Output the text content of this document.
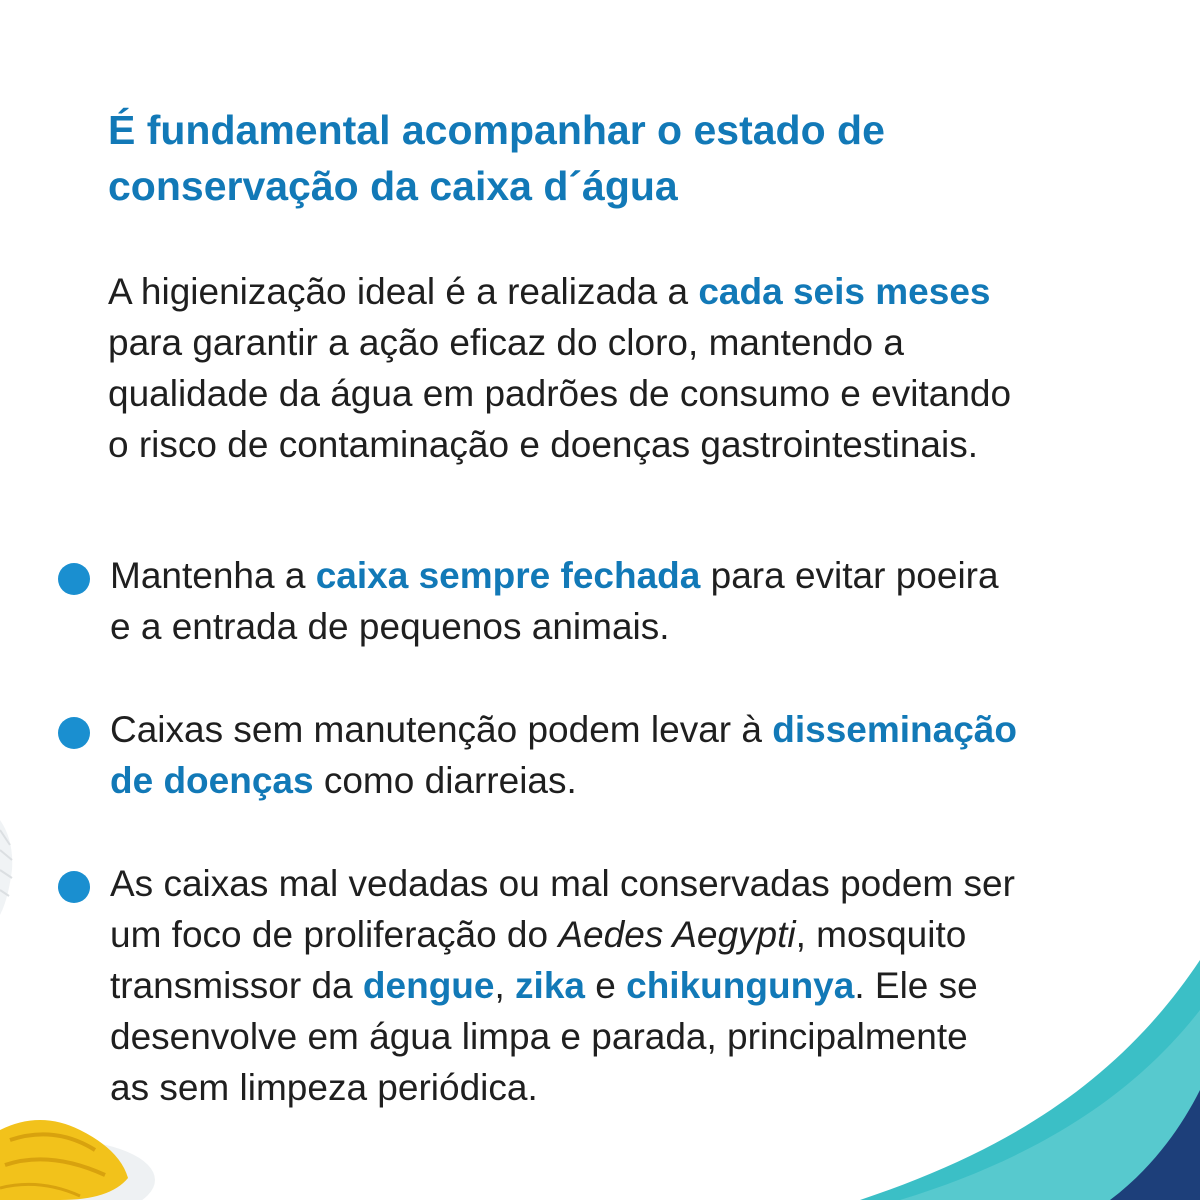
É fundamental acompanhar o estado de
conservação da caixa d´água

A higienização ideal é a realizada a cada seis meses
para garantir a ação eficaz do cloro, mantendo a
qualidade da água em padrões de consumo e evitando
o risco de contaminação e doenças gastrointestinais.

Mantenha a caixa sempre fechada para evitar poeira
e a entrada de pequenos animais.

Caixas sem manutenção podem levar à disseminação
de doenças como diarreias.

As caixas mal vedadas ou mal conservadas podem ser
um foco de proliferação do Aedes Aegypti, mosquito
transmissor da dengue, zika e chikungunya. Ele se
desenvolve em água limpa e parada, principalmente
as sem limpeza periódica.
